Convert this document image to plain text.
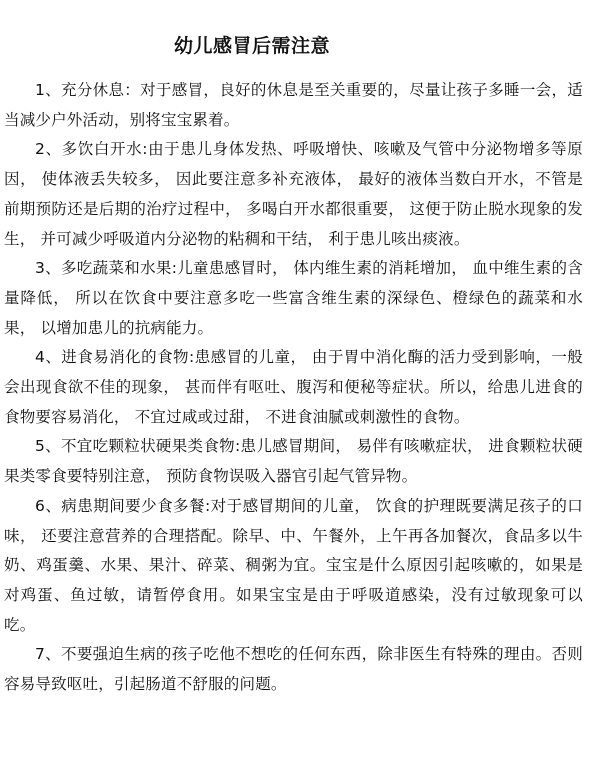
幼儿感冒后需注意

1、充分休息：对于感冒，良好的休息是至关重要的，尽量让孩子多睡一会，适当减少户外活动，别将宝宝累着。

2、多饮白开水:由于患儿身体发热、呼吸增快、咳嗽及气管中分泌物增多等原因， 使体液丢失较多， 因此要注意多补充液体， 最好的液体当数白开水，不管是前期预防还是后期的治疗过程中， 多喝白开水都很重要， 这便于防止脱水现象的发生， 并可减少呼吸道内分泌物的粘稠和干结， 利于患儿咳出痰液。

3、多吃蔬菜和水果:儿童患感冒时， 体内维生素的消耗增加， 血中维生素的含量降低， 所以在饮食中要注意多吃一些富含维生素的深绿色、橙绿色的蔬菜和水果， 以增加患儿的抗病能力。

4、进食易消化的食物:患感冒的儿童， 由于胃中消化酶的活力受到影响，一般会出现食欲不佳的现象， 甚而伴有呕吐、腹泻和便秘等症状。所以，给患儿进食的食物要容易消化， 不宜过咸或过甜， 不进食油腻或刺激性的食物。

5、不宜吃颗粒状硬果类食物:患儿感冒期间， 易伴有咳嗽症状， 进食颗粒状硬果类零食要特别注意， 预防食物误吸入器官引起气管异物。

6、病患期间要少食多餐:对于感冒期间的儿童， 饮食的护理既要满足孩子的口味， 还要注意营养的合理搭配。除早、中、午餐外，上午再各加餐次，食品多以牛奶、鸡蛋羹、水果、果汁、碎菜、稠粥为宜。宝宝是什么原因引起咳嗽的，如果是对鸡蛋、鱼过敏，请暂停食用。如果宝宝是由于呼吸道感染，没有过敏现象可以吃。

7、不要强迫生病的孩子吃他不想吃的任何东西，除非医生有特殊的理由。否则容易导致呕吐，引起肠道不舒服的问题。
